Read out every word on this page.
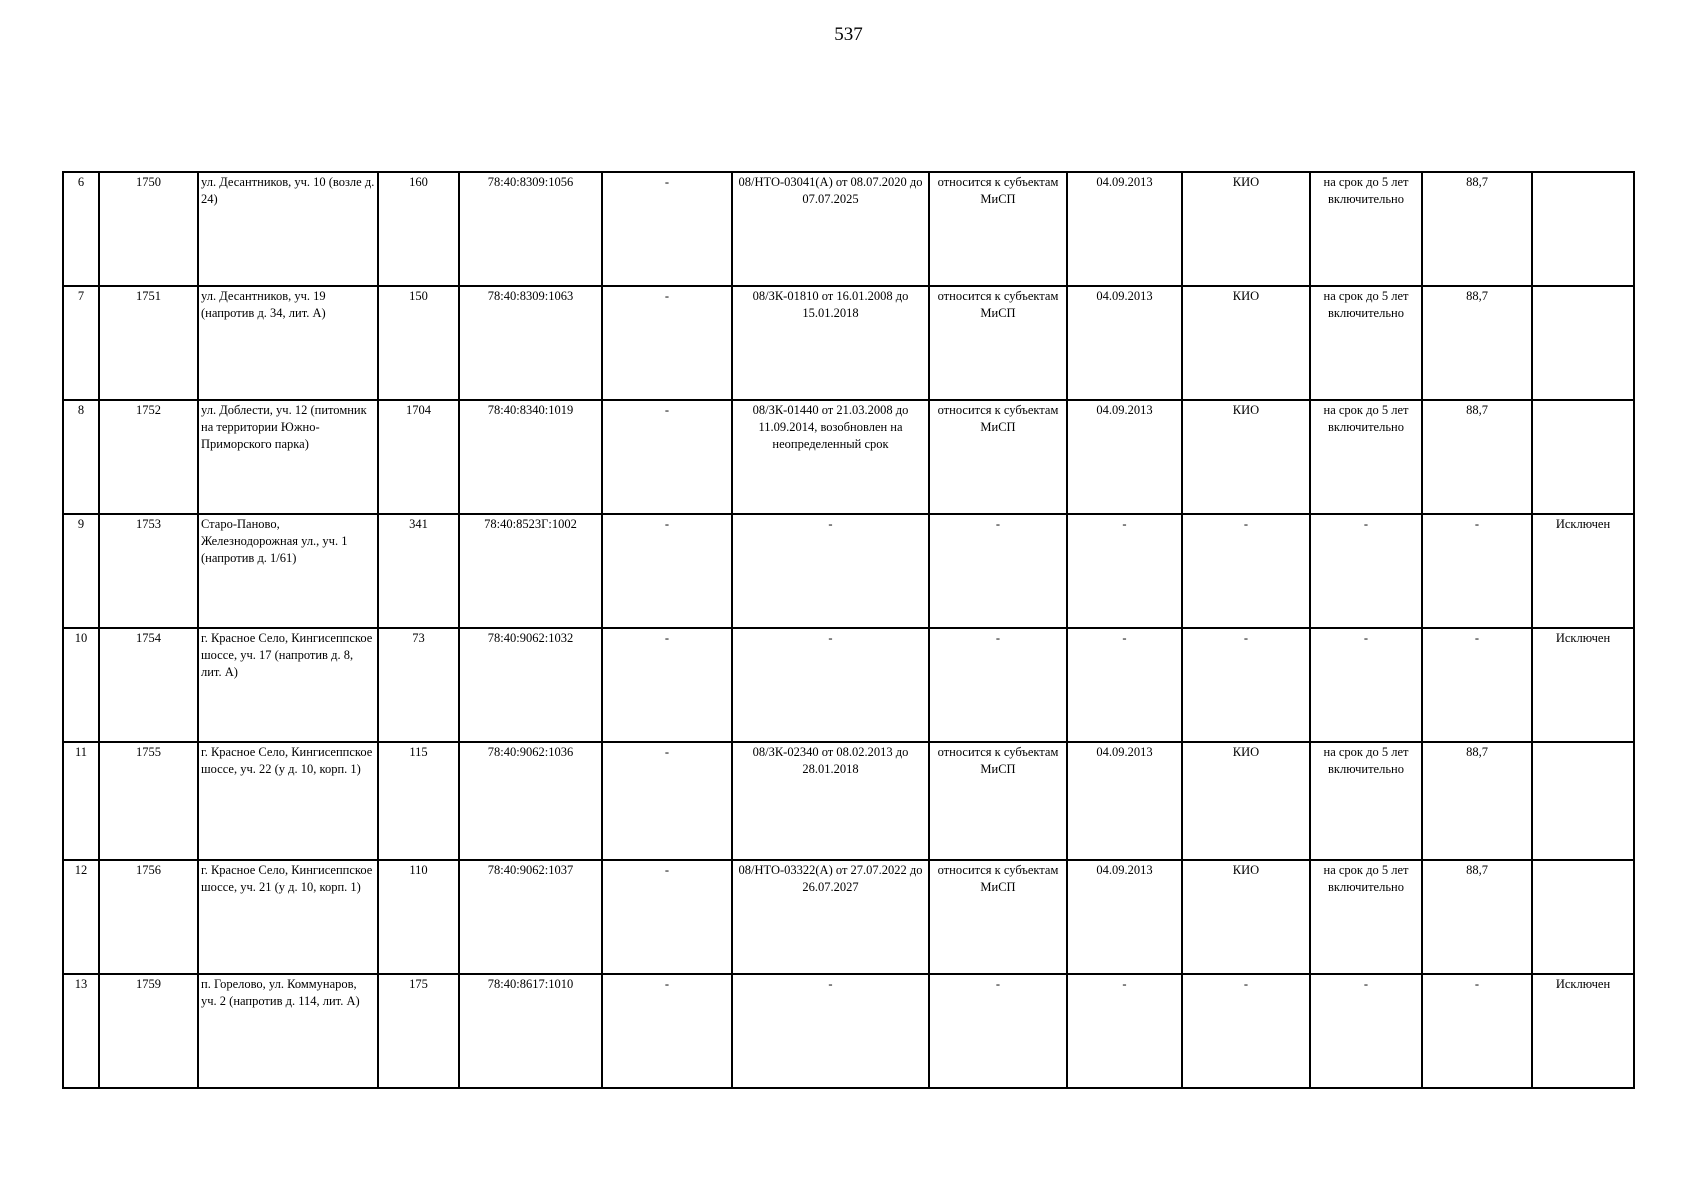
537
6	1750	ул. Десантников, уч. 10 (возле д. 24)	160	78:40:8309:1056	-	08/НТО-03041(А) от 08.07.2020 до 07.07.2025	относится к субъектам МиСП	04.09.2013	КИО	на срок до 5 лет включительно	88,7	
7	1751	ул. Десантников, уч. 19 (напротив д. 34, лит. А)	150	78:40:8309:1063	-	08/ЗК-01810 от 16.01.2008 до 15.01.2018	относится к субъектам МиСП	04.09.2013	КИО	на срок до 5 лет включительно	88,7	
8	1752	ул. Доблести, уч. 12 (питомник на территории Южно-Приморского парка)	1704	78:40:8340:1019	-	08/ЗК-01440 от 21.03.2008 до 11.09.2014, возобновлен на неопределенный срок	относится к субъектам МиСП	04.09.2013	КИО	на срок до 5 лет включительно	88,7	
9	1753	Старо-Паново, Железнодорожная ул., уч. 1 (напротив д. 1/61)	341	78:40:8523Г:1002	-	-	-	-	-	-	-	Исключен
10	1754	г. Красное Село, Кингисеппское шоссе, уч. 17 (напротив д. 8, лит. А)	73	78:40:9062:1032	-	-	-	-	-	-	-	Исключен
11	1755	г. Красное Село, Кингисеппское шоссе, уч. 22 (у д. 10, корп. 1)	115	78:40:9062:1036	-	08/ЗК-02340 от 08.02.2013 до 28.01.2018	относится к субъектам МиСП	04.09.2013	КИО	на срок до 5 лет включительно	88,7	
12	1756	г. Красное Село, Кингисеппское шоссе, уч. 21 (у д. 10, корп. 1)	110	78:40:9062:1037	-	08/НТО-03322(А) от 27.07.2022 до 26.07.2027	относится к субъектам МиСП	04.09.2013	КИО	на срок до 5 лет включительно	88,7	
13	1759	п. Горелово, ул. Коммунаров, уч. 2 (напротив д. 114, лит. А)	175	78:40:8617:1010	-	-	-	-	-	-	-	Исключен
